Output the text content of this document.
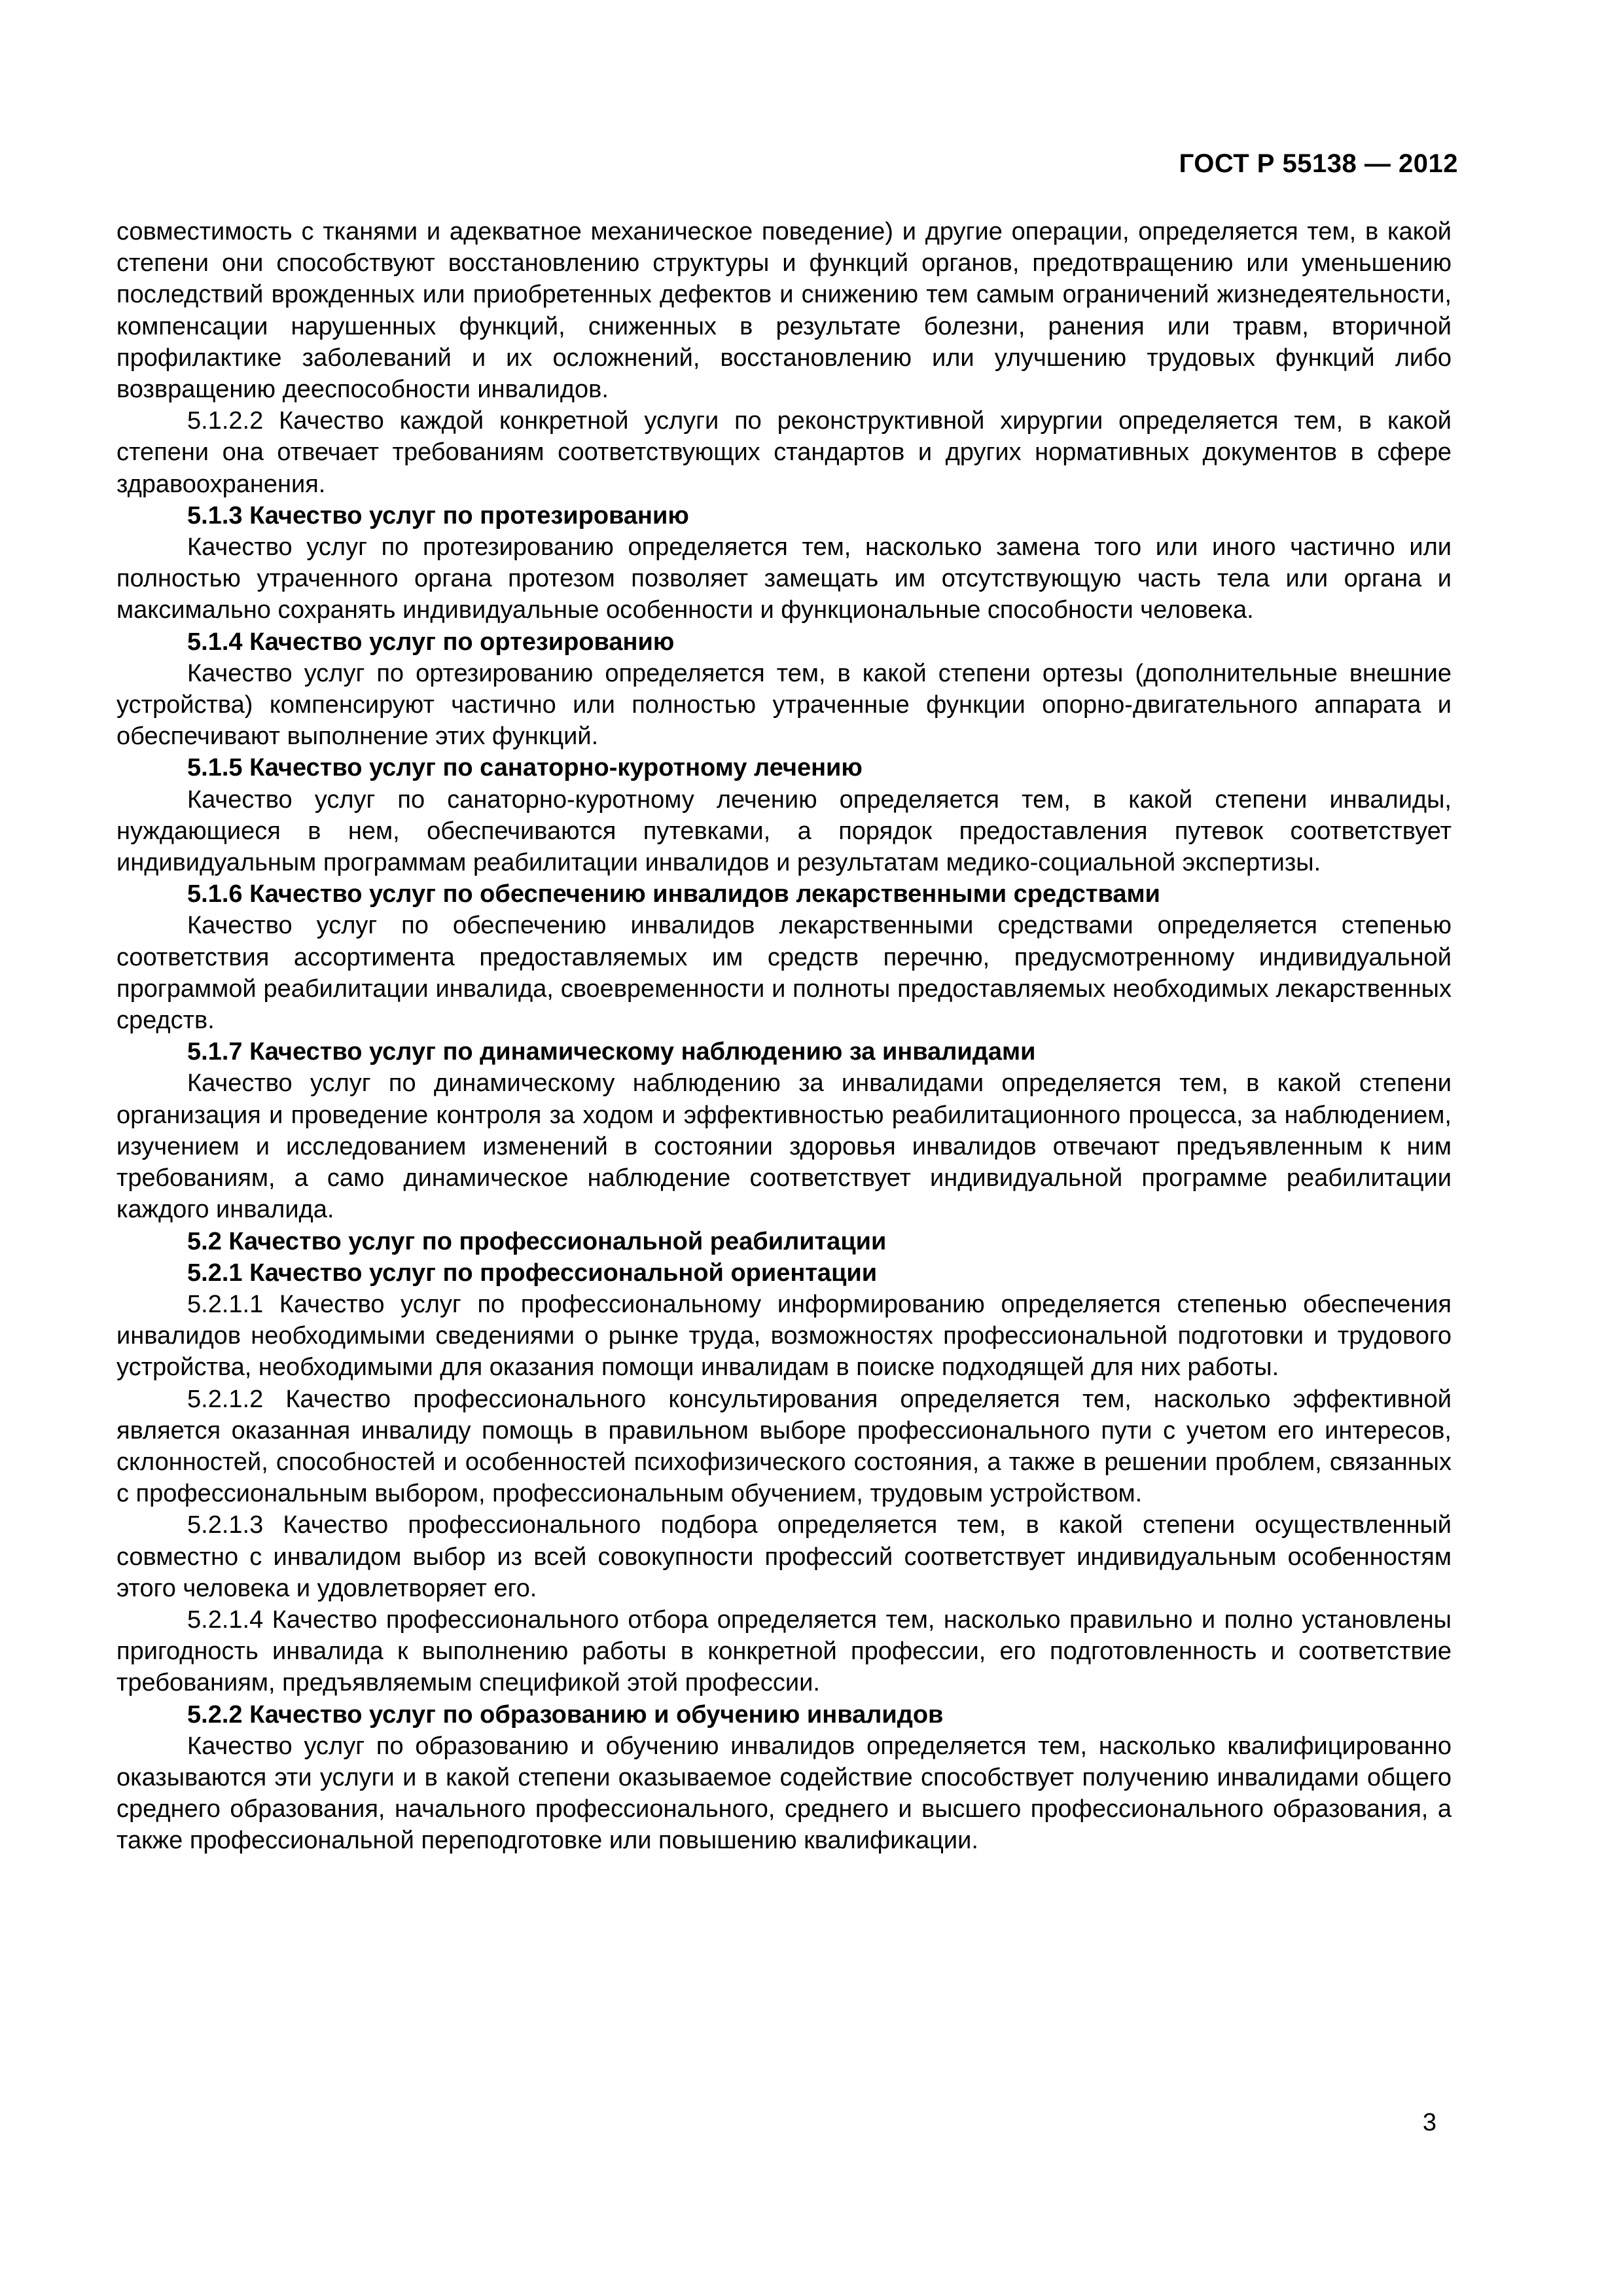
ГОСТ Р 55138 — 2012

совместимость с тканями и адекватное механическое поведение) и другие операции, определяется тем, в какой степени они способствуют восстановлению структуры и функций органов, предотвращению или уменьшению последствий врожденных или приобретенных дефектов и снижению тем самым ограничений жизнедеятельности, компенсации нарушенных функций, сниженных в результате болезни, ранения или травм, вторичной профилактике заболеваний и их осложнений, восстановлению или улучшению трудовых функций либо возвращению дееспособности инвалидов.

5.1.2.2 Качество каждой конкретной услуги по реконструктивной хирургии определяется тем, в какой степени она отвечает требованиям соответствующих стандартов и других нормативных документов в сфере здравоохранения.

5.1.3 Качество услуг по протезированию

Качество услуг по протезированию определяется тем, насколько замена того или иного частично или полностью утраченного органа протезом позволяет замещать им отсутствующую часть тела или органа и максимально сохранять индивидуальные особенности и функциональные способности человека.

5.1.4 Качество услуг по ортезированию

Качество услуг по ортезированию определяется тем, в какой степени ортезы (дополнительные внешние устройства) компенсируют частично или полностью утраченные функции опорно-двигательного аппарата и обеспечивают выполнение этих функций.

5.1.5 Качество услуг по санаторно-куротному лечению

Качество услуг по санаторно-куротному лечению определяется тем, в какой степени инвалиды, нуждающиеся в нем, обеспечиваются путевками, а порядок предоставления путевок соответствует индивидуальным программам реабилитации инвалидов и результатам медико-социальной экспертизы.

5.1.6 Качество услуг по обеспечению инвалидов лекарственными средствами

Качество услуг по обеспечению инвалидов лекарственными средствами определяется степенью соответствия ассортимента предоставляемых им средств перечню, предусмотренному индивидуальной программой реабилитации инвалида, своевременности и полноты предоставляемых необходимых лекарственных средств.

5.1.7 Качество услуг по динамическому наблюдению за инвалидами

Качество услуг по динамическому наблюдению за инвалидами определяется тем, в какой степени организация и проведение контроля за ходом и эффективностью реабилитационного процесса, за наблюдением, изучением и исследованием изменений в состоянии здоровья инвалидов отвечают предъявленным к ним требованиям, а само динамическое наблюдение соответствует индивидуальной программе реабилитации каждого инвалида.

5.2 Качество услуг по профессиональной реабилитации

5.2.1 Качество услуг по профессиональной ориентации

5.2.1.1 Качество услуг по профессиональному информированию определяется степенью обеспечения инвалидов необходимыми сведениями о рынке труда, возможностях профессиональной подготовки и трудового устройства, необходимыми для оказания помощи инвалидам в поиске подходящей для них работы.

5.2.1.2 Качество профессионального консультирования определяется тем, насколько эффективной является оказанная инвалиду помощь в правильном выборе профессионального пути с учетом его интересов, склонностей, способностей и особенностей психофизического состояния, а также в решении проблем, связанных с профессиональным выбором, профессиональным обучением, трудовым устройством.

5.2.1.3 Качество профессионального подбора определяется тем, в какой степени осуществленный совместно с инвалидом выбор из всей совокупности профессий соответствует индивидуальным особенностям этого человека и удовлетворяет его.

5.2.1.4 Качество профессионального отбора определяется тем, насколько правильно и полно установлены пригодность инвалида к выполнению работы в конкретной профессии, его подготовленность и соответствие требованиям, предъявляемым спецификой этой профессии.

5.2.2 Качество услуг по образованию и обучению инвалидов

Качество услуг по образованию и обучению инвалидов определяется тем, насколько квалифицированно оказываются эти услуги и в какой степени оказываемое содействие способствует получению инвалидами общего среднего образования, начального профессионального, среднего и высшего профессионального образования, а также профессиональной переподготовке или повышению квалификации.

3
